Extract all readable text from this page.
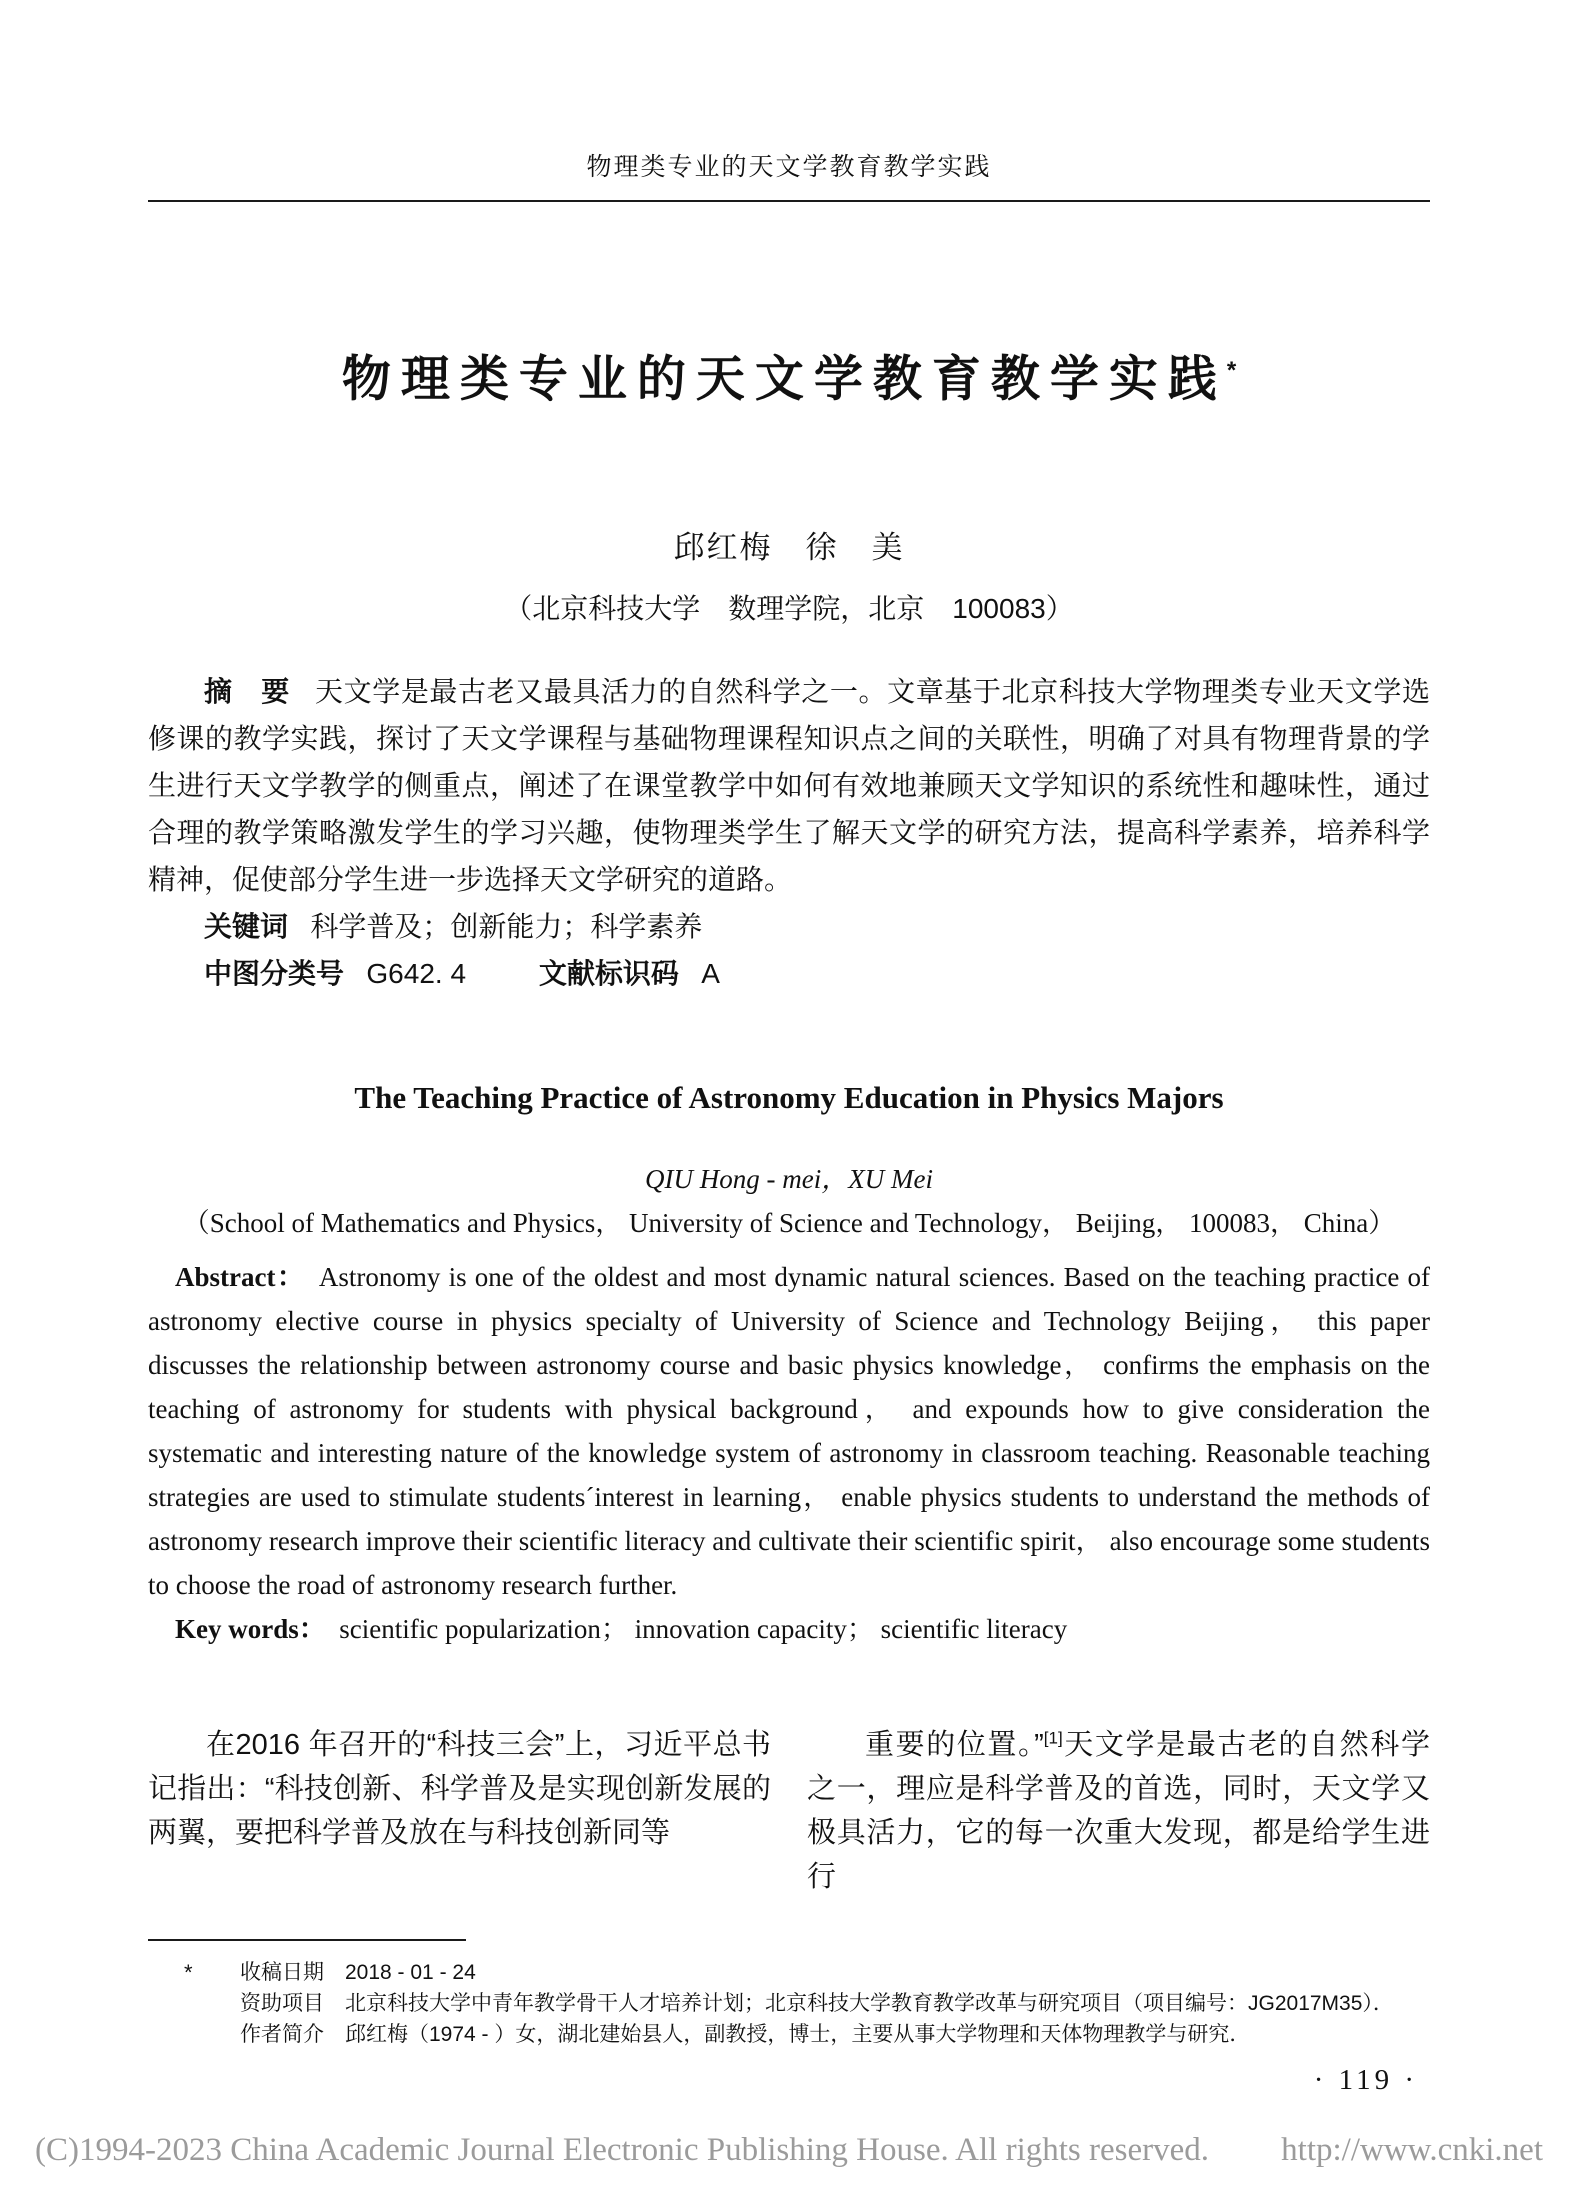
物理类专业的天文学教育教学实践
物理类专业的天文学教育教学实践*
邱红梅　徐　美
（北京科技大学　数理学院，北京　100083）

摘　要 天文学是最古老又最具活力的自然科学之一。文章基于北京科技大学物理类专业天文学选修课的教学实践，探讨了天文学课程与基础物理课程知识点之间的关联性，明确了对具有物理背景的学生进行天文学教学的侧重点，阐述了在课堂教学中如何有效地兼顾天文学知识的系统性和趣味性，通过合理的教学策略激发学生的学习兴趣，使物理类学生了解天文学的研究方法，提高科学素养，培养科学精神，促使部分学生进一步选择天文学研究的道路。

关键词 科学普及；创新能力；科学素养

中图分类号 G642. 4	文献标识码 A

The Teaching Practice of Astronomy Education in Physics Majors
QIU Hong - mei，XU Mei
（School of Mathematics and Physics， University of Science and Technology， Beijing， 100083， China）

Abstract： Astronomy is one of the oldest and most dynamic natural sciences. Based on the teaching practice of astronomy elective course in physics specialty of University of Science and Technology Beijing， this paper discusses the relationship between astronomy course and basic physics knowledge， confirms the emphasis on the teaching of astronomy for students with physical background， and expounds how to give consideration the systematic and interesting nature of the knowledge system of astronomy in classroom teaching. Reasonable teaching strategies are used to stimulate students´interest in learning， enable physics students to understand the methods of astronomy research improve their scientific literacy and cultivate their scientific spirit， also encourage some students to choose the road of astronomy research further.

Key words： scientific popularization； innovation capacity； scientific literacy

在2016 年召开的“科技三会”上，习近平总书记指出：“科技创新、科学普及是实现创新发展的两翼，要把科学普及放在与科技创新同等

重要的位置。”[1]天文学是最古老的自然科学之一，理应是科学普及的首选，同时，天文学又极具活力，它的每一次重大发现，都是给学生进行

* 收稿日期 2018 - 01 - 24
资助项目 北京科技大学中青年教学骨干人才培养计划；北京科技大学教育教学改革与研究项目（项目编号：JG2017M35）．
作者简介 邱红梅（1974 - ）女，湖北建始县人，副教授，博士，主要从事大学物理和天体物理教学与研究．
· 119 ·
(C)1994-2023 China Academic Journal Electronic Publishing House. All rights reserved. http://www.cnki.net
